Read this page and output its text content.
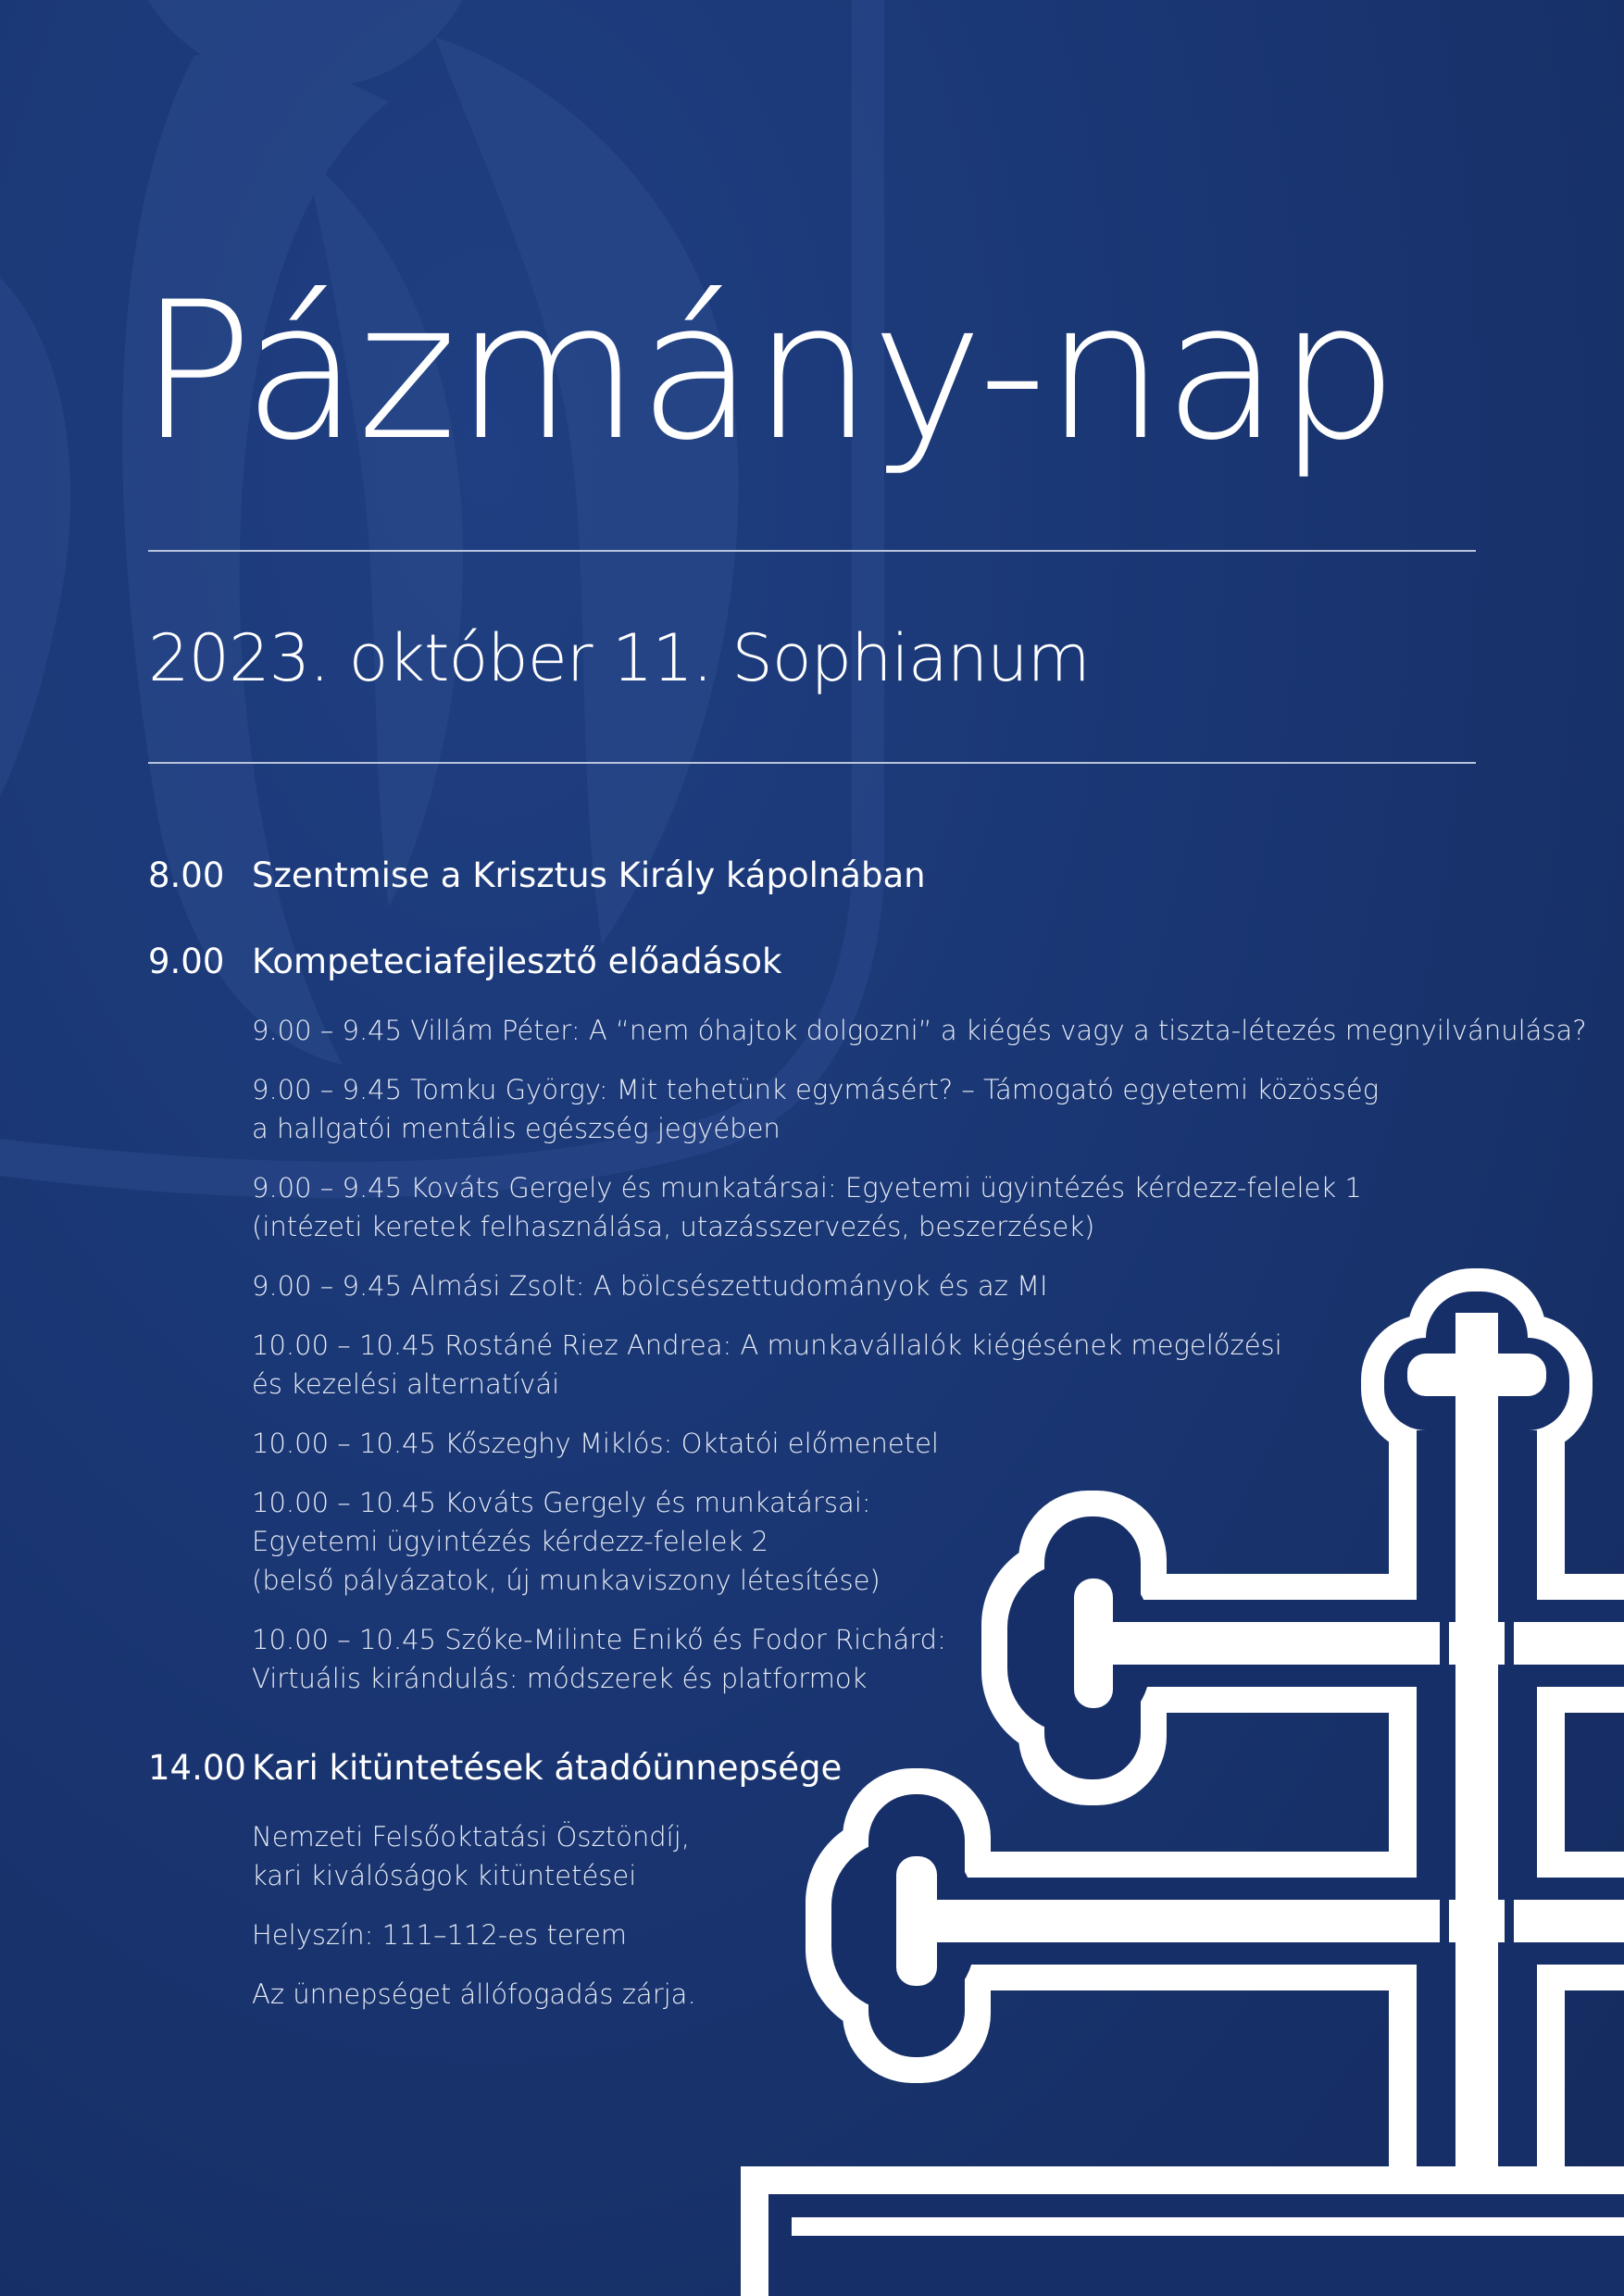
Pázmány-nap
2023. október 11. Sophianum
8.00 Szentmise a Krisztus Király kápolnában
9.00 Kompeteciafejlesztő előadások
9.00 – 9.45 Villám Péter: A “nem óhajtok dolgozni” a kiégés vagy a tiszta-létezés megnyilvánulása?
9.00 – 9.45 Tomku György: Mit tehetünk egymásért? – Támogató egyetemi közösség
a hallgatói mentális egészség jegyében
9.00 – 9.45 Kováts Gergely és munkatársai: Egyetemi ügyintézés kérdezz-felelek 1
(intézeti keretek felhasználása, utazásszervezés, beszerzések)
9.00 – 9.45 Almási Zsolt: A bölcsészettudományok és az MI
10.00 – 10.45 Rostáné Riez Andrea: A munkavállalók kiégésének megelőzési
és kezelési alternatívái
10.00 – 10.45 Kőszeghy Miklós: Oktatói előmenetel
10.00 – 10.45 Kováts Gergely és munkatársai:
Egyetemi ügyintézés kérdezz-felelek 2
(belső pályázatok, új munkaviszony létesítése)
10.00 – 10.45 Szőke-Milinte Enikő és Fodor Richárd:
Virtuális kirándulás: módszerek és platformok
14.00 Kari kitüntetések átadóünnepsége
Nemzeti Felsőoktatási Ösztöndíj,
kari kiválóságok kitüntetései
Helyszín: 111–112-es terem
Az ünnepséget állófogadás zárja.
